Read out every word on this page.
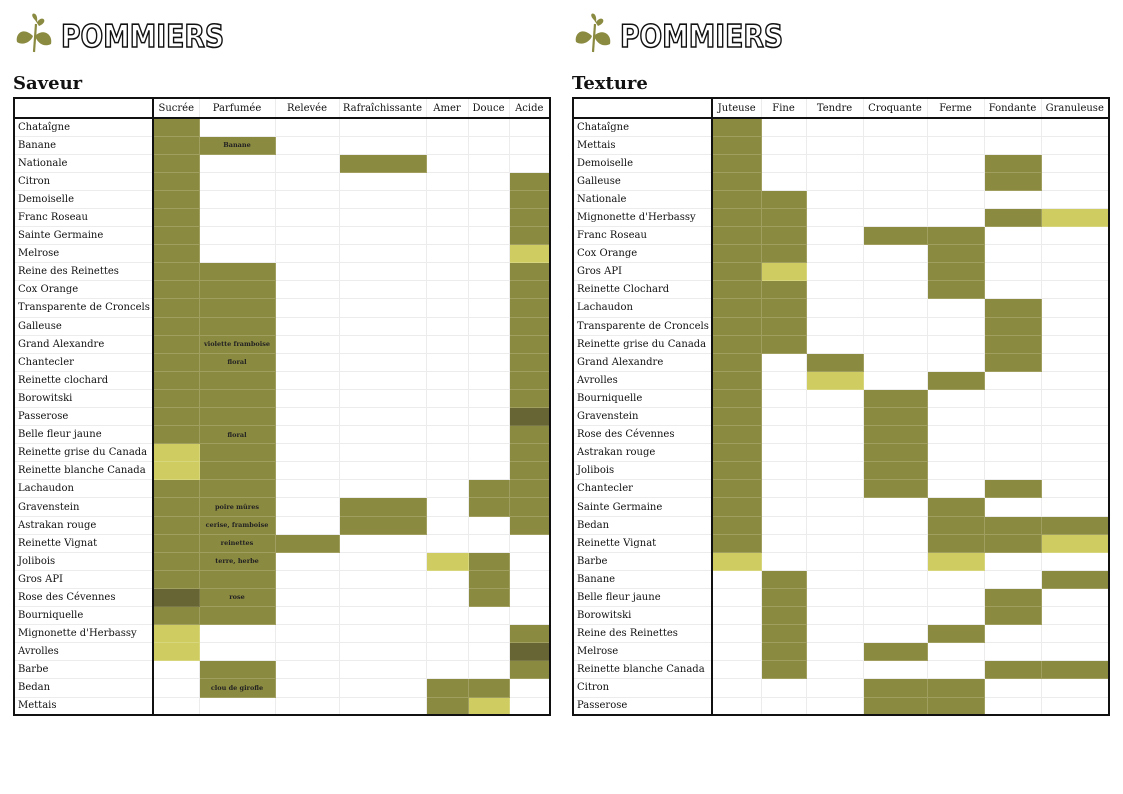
POMMIERS
Saveur
	Sucrée	Parfumée	Relevée	Rafraîchissante	Amer	Douce	Acide
Chataîgne							
Banane		Banane					
Nationale							
Citron							
Demoiselle							
Franc Roseau							
Sainte Germaine							
Melrose							
Reine des Reinettes							
Cox Orange							
Transparente de Croncels							
Galleuse							
Grand Alexandre		violette framboise					
Chantecler		floral					
Reinette clochard							
Borowitski							
Passerose							
Belle fleur jaune		floral					
Reinette grise du Canada							
Reinette blanche Canada							
Lachaudon							
Gravenstein		poire mûres					
Astrakan rouge		cerise, framboise					
Reinette Vignat		reinettes					
Jolibois		terre, herbe					
Gros API							
Rose des Cévennes		rose					
Bourniquelle							
Mignonette d'Herbassy							
Avrolles							
Barbe							
Bedan		clou de girofle					
Mettais							
POMMIERS
Texture
	Juteuse	Fine	Tendre	Croquante	Ferme	Fondante	Granuleuse
Chataîgne							
Mettais							
Demoiselle							
Galleuse							
Nationale							
Mignonette d'Herbassy							
Franc Roseau							
Cox Orange							
Gros API							
Reinette Clochard							
Lachaudon							
Transparente de Croncels							
Reinette grise du Canada							
Grand Alexandre							
Avrolles							
Bourniquelle							
Gravenstein							
Rose des Cévennes							
Astrakan rouge							
Jolibois							
Chantecler							
Sainte Germaine							
Bedan							
Reinette Vignat							
Barbe							
Banane							
Belle fleur jaune							
Borowitski							
Reine des Reinettes							
Melrose							
Reinette blanche Canada							
Citron							
Passerose							
